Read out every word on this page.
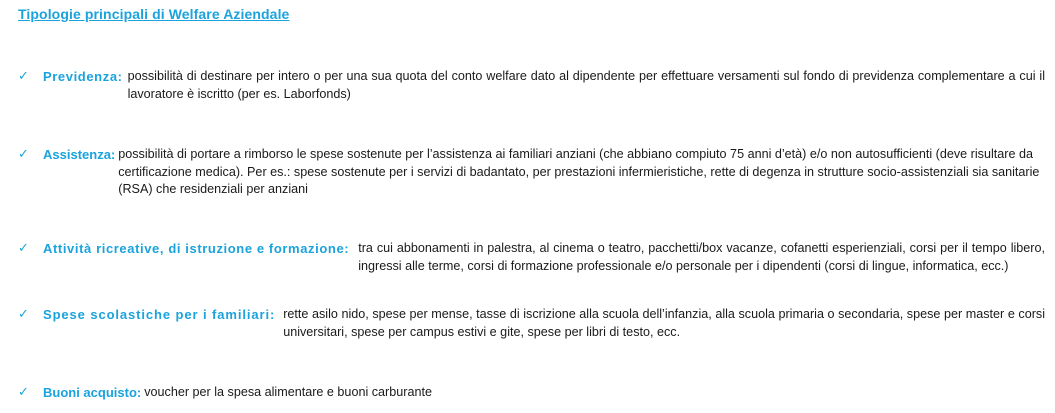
Tipologie principali di Welfare Aziendale
✓	Previdenza: possibilità di destinare per intero o per una sua quota del conto welfare dato al dipendente per effettuare versamenti sul fondo di previdenza complementare a cui il lavoratore è iscritto (per es. Laborfonds)
✓	Assistenza: possibilità di portare a rimborso le spese sostenute per l’assistenza ai familiari anziani (che abbiano compiuto 75 anni d’età) e/o non autosufficienti (deve risultare da certificazione medica). Per es.: spese sostenute per i servizi di badantato, per prestazioni infermieristiche, rette di degenza in strutture socio-assistenziali sia sanitarie (RSA) che residenziali per anziani
✓	Attività ricreative, di istruzione e formazione: tra cui abbonamenti in palestra, al cinema o teatro, pacchetti/box vacanze, cofanetti esperienziali, corsi per il tempo libero, ingressi alle terme, corsi di formazione professionale e/o personale per i dipendenti (corsi di lingue, informatica, ecc.)
✓	Spese scolastiche per i familiari: rette asilo nido, spese per mense, tasse di iscrizione alla scuola dell’infanzia, alla scuola primaria o secondaria, spese per master e corsi universitari, spese per campus estivi e gite, spese per libri di testo, ecc.
✓	Buoni acquisto: voucher per la spesa alimentare e buoni carburante
